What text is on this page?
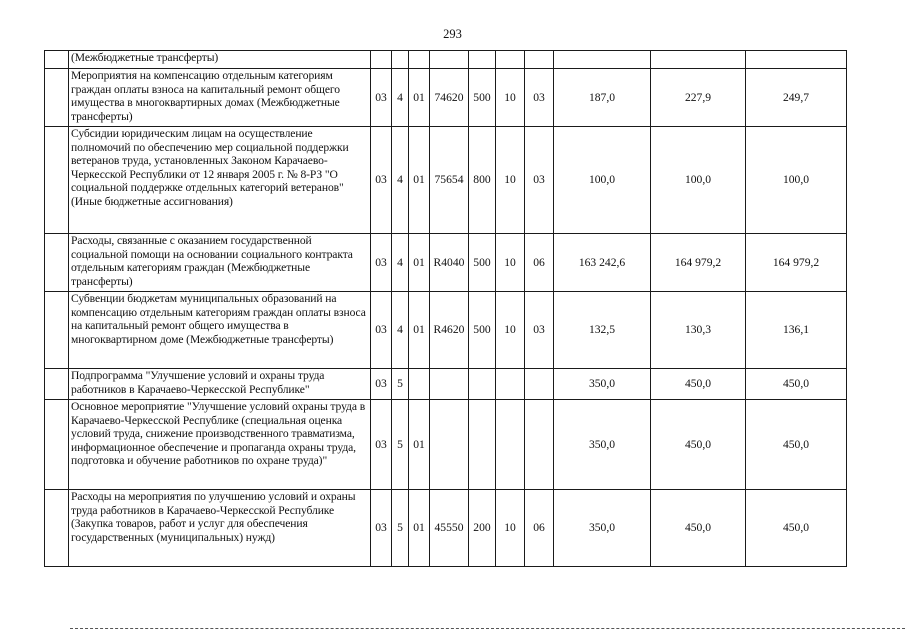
293
	(Межбюджетные трансферты)										
	Мероприятия на компенсацию отдельным категориям граждан оплаты взноса на капитальный ремонт общего имущества в многоквартирных домах (Межбюджетные трансферты)	03	4	01	74620	500	10	03	187,0	227,9	249,7
	Субсидии юридическим лицам на осуществление полномочий по обеспечению мер социальной поддержки ветеранов труда, установленных Законом Карачаево-Черкесской Республики от 12 января 2005 г. № 8-РЗ "О социальной поддержке отдельных категорий ветеранов" (Иные бюджетные ассигнования)	03	4	01	75654	800	10	03	100,0	100,0	100,0
	Расходы, связанные с оказанием государственной социальной помощи на основании социального контракта отдельным категориям граждан (Межбюджетные трансферты)	03	4	01	R4040	500	10	06	163 242,6	164 979,2	164 979,2
	Субвенции бюджетам муниципальных образований на компенсацию отдельным категориям граждан оплаты взноса на капитальный ремонт общего имущества в многоквартирном доме (Межбюджетные трансферты)	03	4	01	R4620	500	10	03	132,5	130,3	136,1
	Подпрограмма "Улучшение условий и охраны труда работников в Карачаево-Черкесской Республике"	03	5						350,0	450,0	450,0
	Основное мероприятие "Улучшение условий охраны труда в Карачаево-Черкесской Республике (специальная оценка условий труда, снижение производственного травматизма, информационное обеспечение и пропаганда охраны труда, подготовка и обучение работников по охране труда)"	03	5	01					350,0	450,0	450,0
	Расходы на мероприятия по улучшению условий и охраны труда работников в Карачаево-Черкесской Республике (Закупка товаров, работ и услуг для обеспечения государственных (муниципальных) нужд)	03	5	01	45550	200	10	06	350,0	450,0	450,0
